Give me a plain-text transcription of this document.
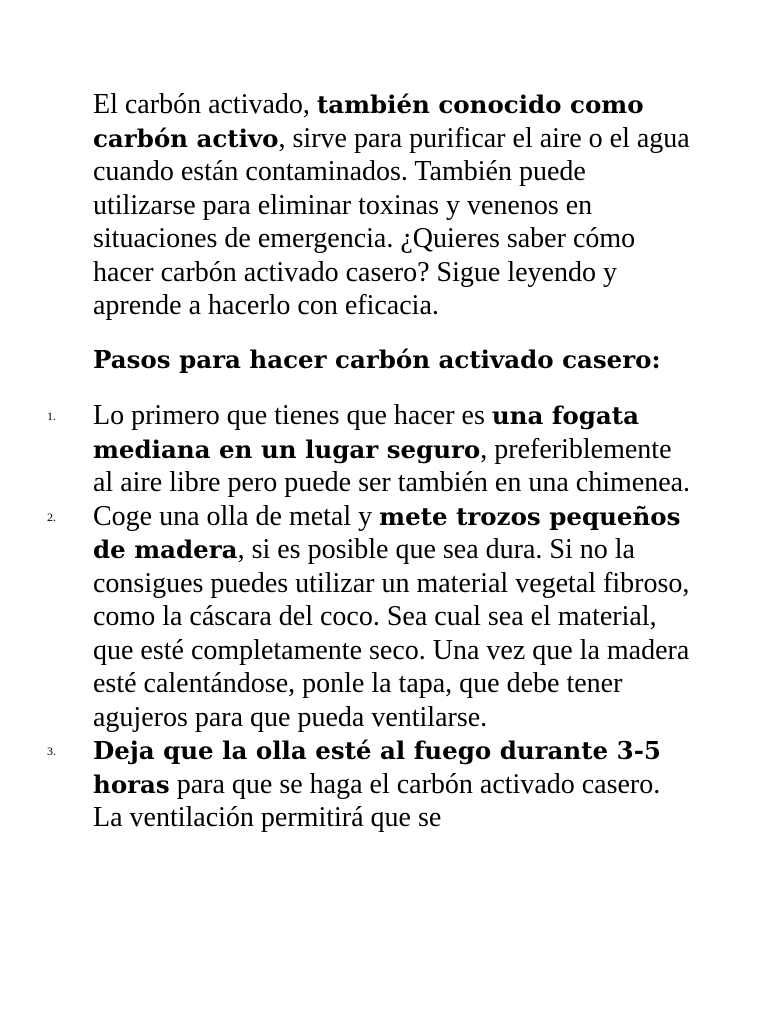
El carbón activado, también conocido como carbón activo, sirve para purificar el aire o el agua cuando están contaminados. También puede utilizarse para eliminar toxinas y venenos en situaciones de emergencia. ¿Quieres saber cómo hacer carbón activado casero? Sigue leyendo y aprende a hacerlo con eficacia.

Pasos para hacer carbón activado casero:

1. Lo primero que tienes que hacer es una fogata mediana en un lugar seguro, preferiblemente al aire libre pero puede ser también en una chimenea.

2. Coge una olla de metal y mete trozos pequeños de madera, si es posible que sea dura. Si no la consigues puedes utilizar un material vegetal fibroso, como la cáscara del coco. Sea cual sea el material, que esté completamente seco. Una vez que la madera esté calentándose, ponle la tapa, que debe tener agujeros para que pueda ventilarse.

3. Deja que la olla esté al fuego durante 3-5 horas para que se haga el carbón activado casero. La ventilación permitirá que se
